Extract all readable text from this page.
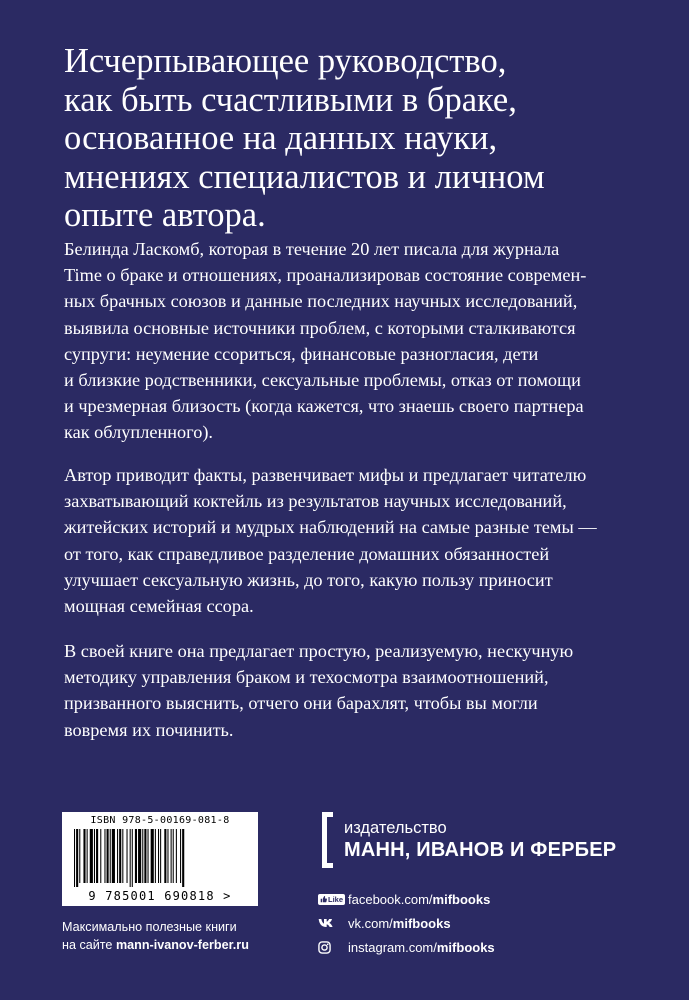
Исчерпывающее руководство,
как быть счастливыми в браке,
основанное на данных науки,
мнениях специалистов и личном
опыте автора.
Белинда Ласкомб, которая в течение 20 лет писала для журнала
Time о браке и отношениях, проанализировав состояние современ-
ных брачных союзов и данные последних научных исследований,
выявила основные источники проблем, с которыми сталкиваются
супруги: неумение ссориться, финансовые разногласия, дети
и близкие родственники, сексуальные проблемы, отказ от помощи
и чрезмерная близость (когда кажется, что знаешь своего партнера
как облупленного).
Автор приводит факты, развенчивает мифы и предлагает читателю
захватывающий коктейль из результатов научных исследований,
житейских историй и мудрых наблюдений на самые разные темы —
от того, как справедливое разделение домашних обязанностей
улучшает сексуальную жизнь, до того, какую пользу приносит
мощная семейная ссора.
В своей книге она предлагает простую, реализуемую, нескучную
методику управления браком и техосмотра взаимоотношений,
призванного выяснить, отчего они барахлят, чтобы вы могли
вовремя их починить.
ISBN 978-5-00169-081-8
9 785001 690818 >
Максимально полезные книги
на сайте mann-ivanov-ferber.ru
издательство
МАНН, ИВАНОВ И ФЕРБЕР
Like facebook.com/ mifbooks
vk.com/ mifbooks
instagram.com/ mifbooks
